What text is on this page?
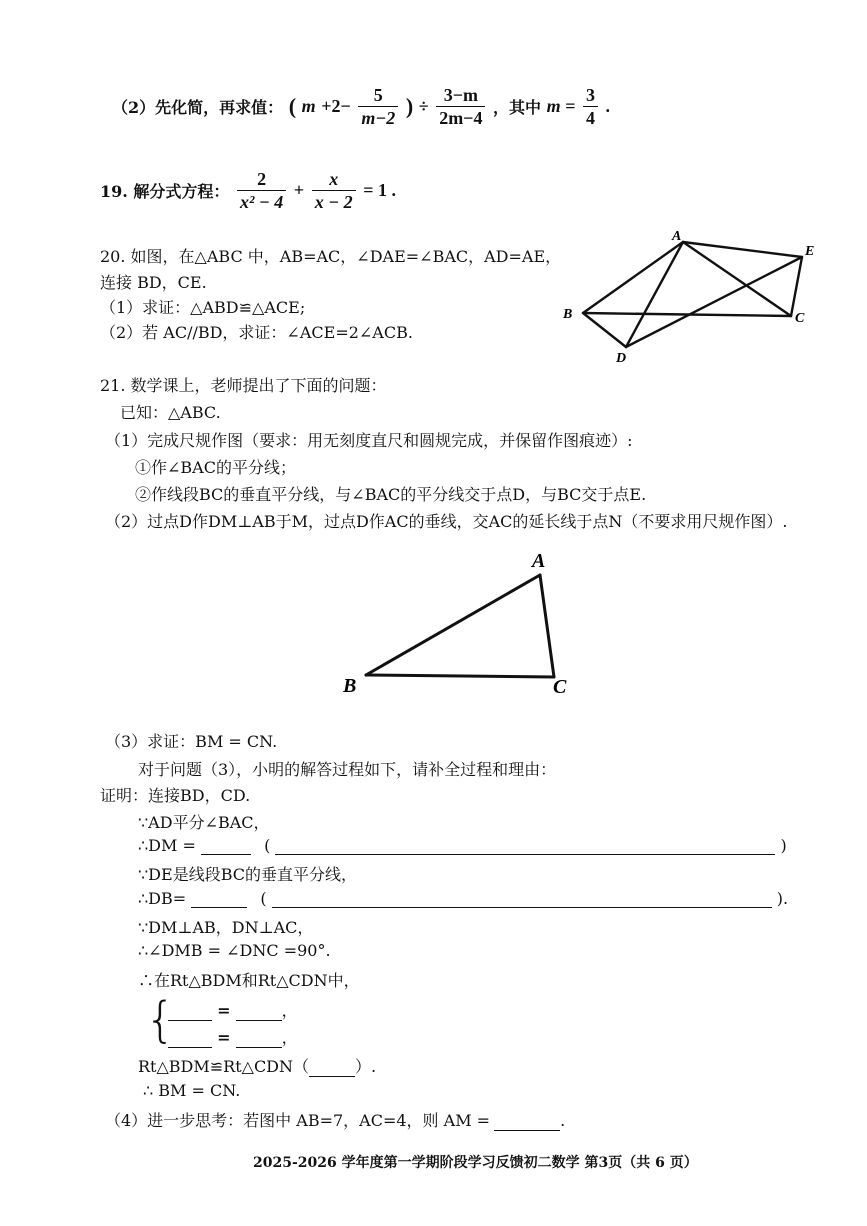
（2）先化简，再求值： ( $m +2- \frac{5}{m-2}$ ) ÷ $\frac{3-m}{2m-4}$ ，其中 $m = \frac{3}{4}$ .
19. 解分式方程： $\frac{2}{\text{x² − 4}} + \frac{x}{x - 2} = 1$ .
20. 如图，在△ABC 中，AB=AC，∠DAE=∠BAC，AD=AE，
连接 BD，CE.
（1）求证：△ABD≌△ACE;
（2）若 AC//BD，求证：∠ACE=2∠ACB.
A
B	C
D
E
21. 数学课上，老师提出了下面的问题：
已知：△ABC.
（1）完成尺规作图（要求：用无刻度直尺和圆规完成，并保留作图痕迹）:
①作∠BAC的平分线；
②作线段BC的垂直平分线，与∠BAC的平分线交于点D，与BC交于点E.
（2）过点D作DM⊥AB于M，过点D作AC的垂线，交AC的延长线于点N（不要求用尺规作图）.
A
B	C
（3）求证：BM = CN.
对于问题（3），小明的解答过程如下，请补全过程和理由：
证明：连接BD，CD.
∵AD平分∠BAC，
∴DM =	(	)
∵DE是线段BC的垂直平分线，
∴DB=	(	).
∵DM⊥AB，DN⊥AC，
∴∠DMB = ∠DNC =90°.
∴在Rt△BDM和Rt△CDN中，
{	=	，
=	，
Rt△BDM≌Rt△CDN（	）.
∴ BM = CN.
（4）进一步思考：若图中 AB=7，AC=4，则 AM =	.
2025-2026 学年度第一学期阶段学习反馈初二数学 第3页（共 6 页）
